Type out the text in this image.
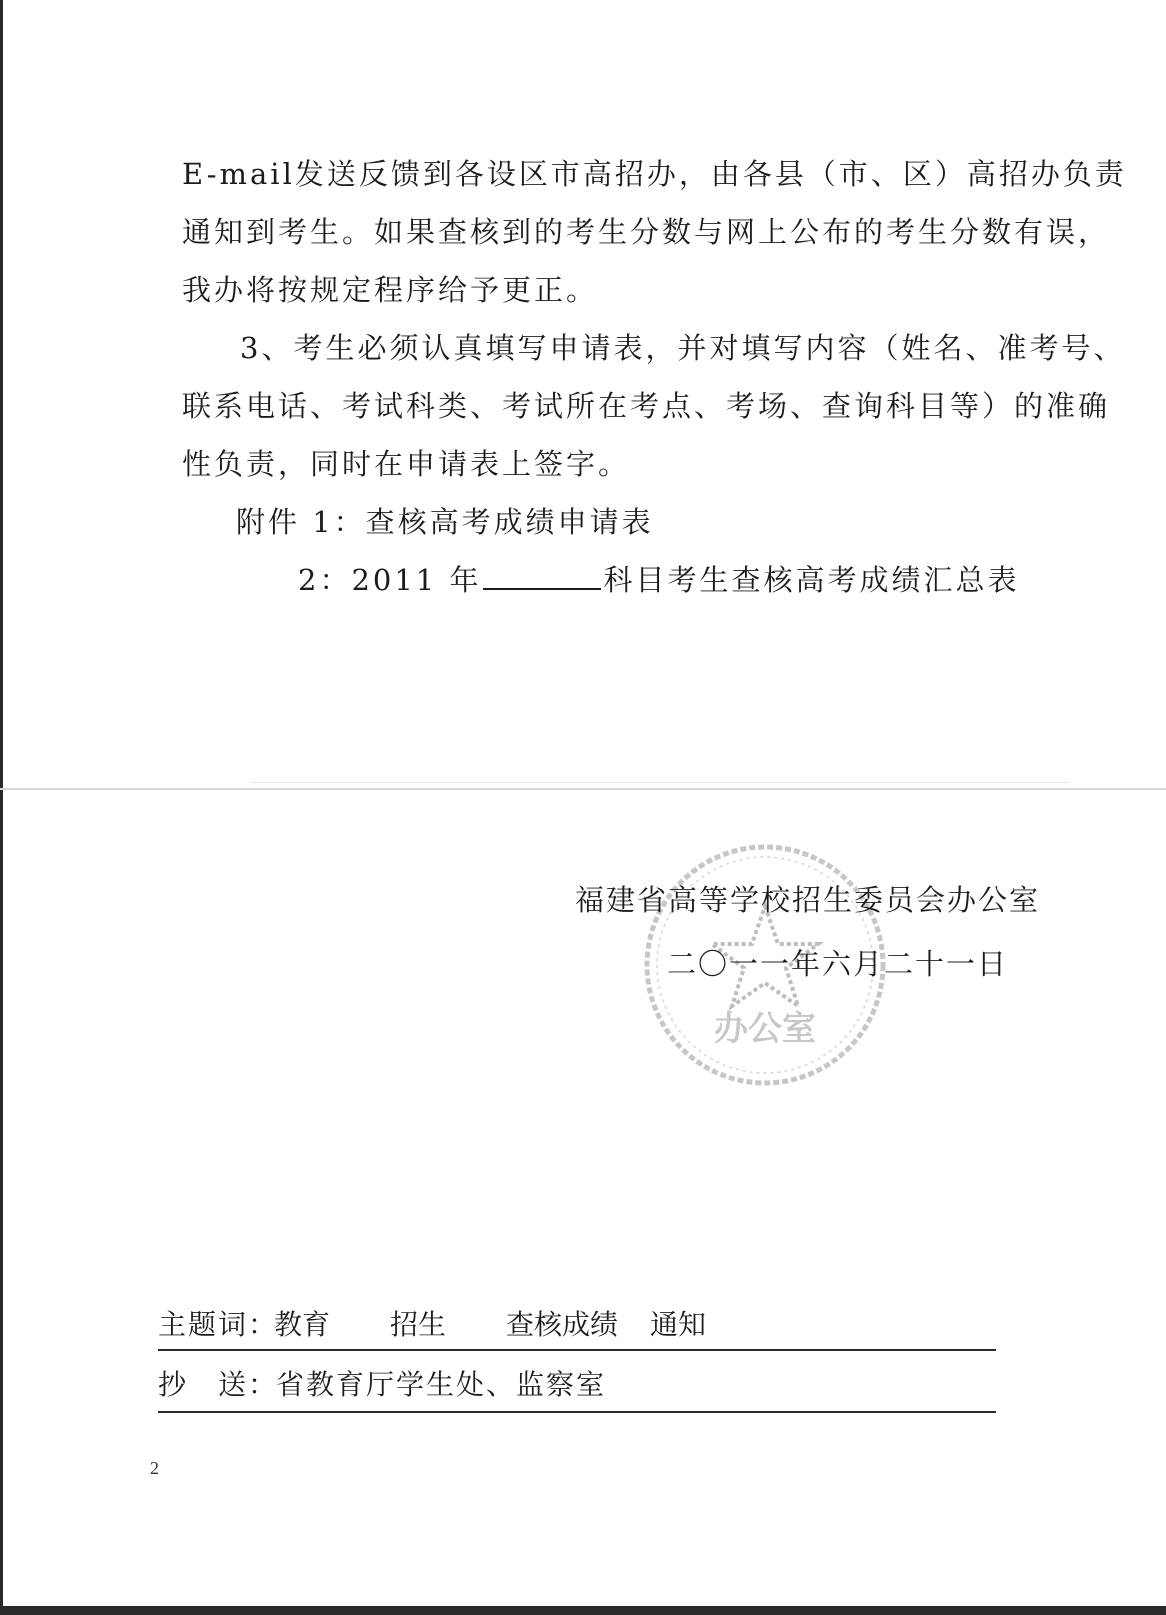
E-mail发送反馈到各设区市高招办，由各县（市、区）高招办负责
通知到考生。如果查核到的考生分数与网上公布的考生分数有误，
我办将按规定程序给予更正。
3、考生必须认真填写申请表，并对填写内容（姓名、准考号、
联系电话、考试科类、考试所在考点、考场、查询科目等）的准确
性负责，同时在申请表上签字。
附件 1：查核高考成绩申请表
2：2011 年	科目考生查核高考成绩汇总表
办公室
福建省高等学校招生委员会办公室
二〇一一年六月二十一日
主题词：
教育 招生 查核成绩 通知
抄　送：
省教育厅学生处、监察室
2
